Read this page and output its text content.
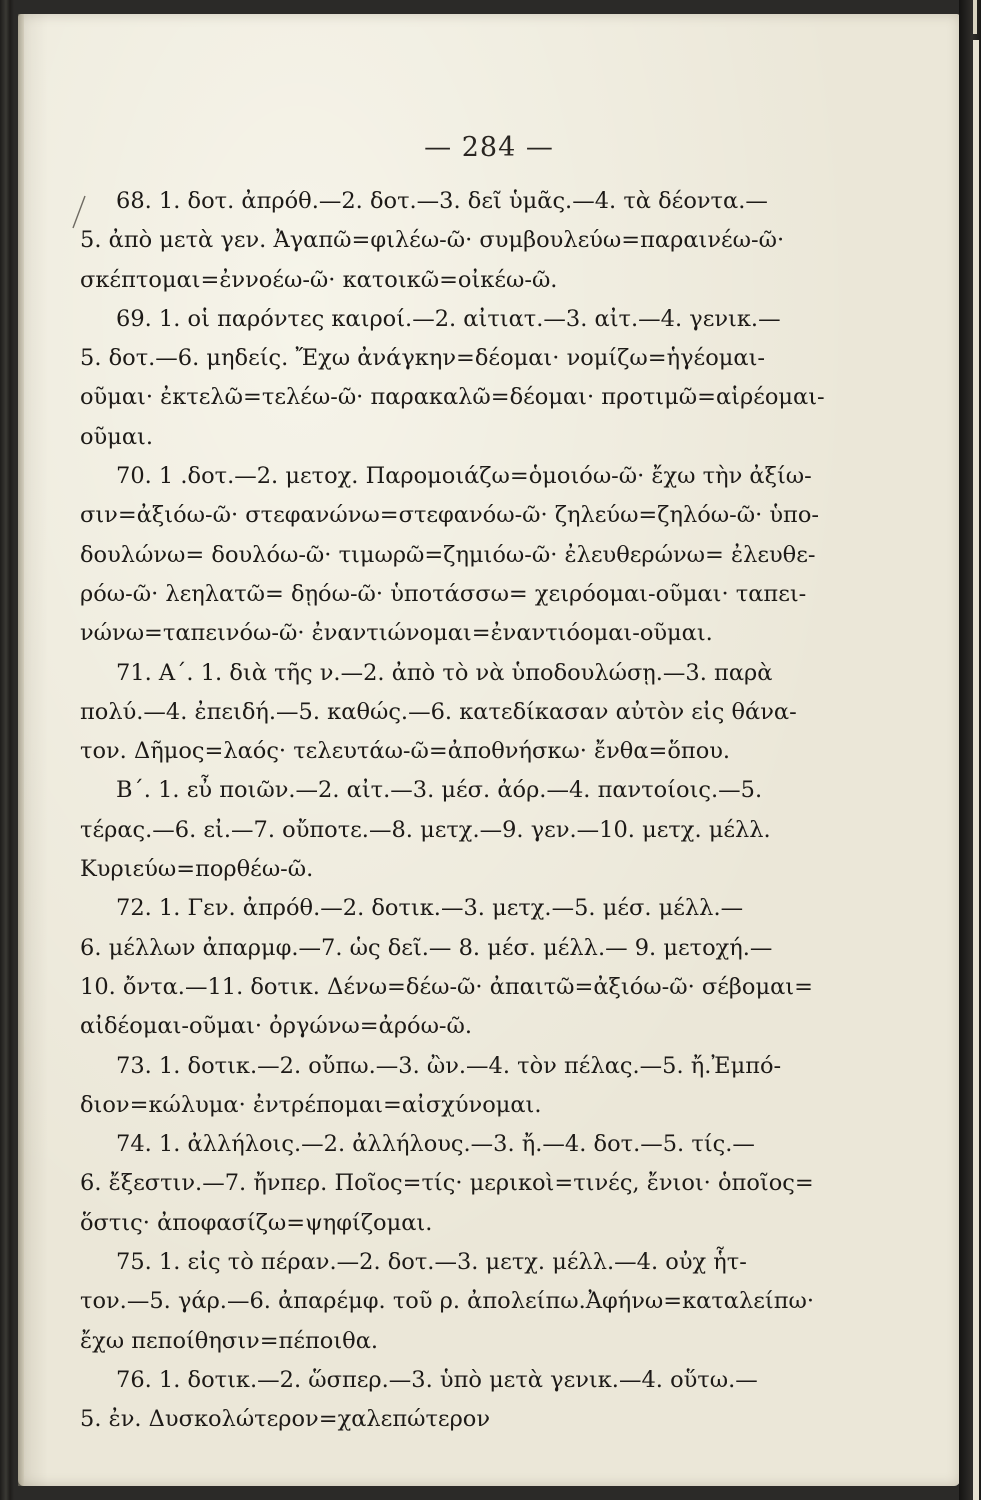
— 284 —

68. 1. δοτ. ἀπρόθ.—2. δοτ.—3. δεῖ ὑμᾶς.—4. τὰ δέοντα.—
5. ἀπὸ μετὰ γεν. Ἀγαπῶ=φιλέω-ῶ· συμβουλεύω=παραινέω-ῶ·
σκέπτομαι=ἐννοέω-ῶ· κατοικῶ=οἰκέω-ῶ.

69. 1. οἱ παρόντες καιροί.—2. αἰτιατ.—3. αἰτ.—4. γενικ.—
5. δοτ.—6. μηδείς. Ἔχω ἀνάγκην=δέομαι· νομίζω=ἡγέομαι-
οῦμαι· ἐκτελῶ=τελέω-ῶ· παρακαλῶ=δέομαι· προτιμῶ=αἱρέομαι-
οῦμαι.

70. 1 .δοτ.—2. μετοχ. Παρομοιάζω=ὁμοιόω-ῶ· ἔχω τὴν ἀξίω-
σιν=ἀξιόω-ῶ· στεφανώνω=στεφανόω-ῶ· ζηλεύω=ζηλόω-ῶ· ὑπο-
δουλώνω= δουλόω-ῶ· τιμωρῶ=ζημιόω-ῶ· ἐλευθερώνω= ἐλευθε-
ρόω-ῶ· λεηλατῶ= δῃόω-ῶ· ὑποτάσσω= χειρόομαι-οῦμαι· ταπει-
νώνω=ταπεινόω-ῶ· ἐναντιώνομαι=ἐναντιόομαι-οῦμαι.

71. Α΄. 1. διὰ τῆς ν.—2. ἀπὸ τὸ νὰ ὑποδουλώσῃ.—3. παρὰ
πολύ.—4. ἐπειδή.—5. καθώς.—6. κατεδίκασαν αὐτὸν εἰς θάνα-
τον. Δῆμος=λαός· τελευτάω-ῶ=ἀποθνήσκω· ἔνθα=ὅπου.

Β΄. 1. εὖ ποιῶν.—2. αἰτ.—3. μέσ. ἀόρ.—4. παντοίοις.—5.
τέρας.—6. εἰ.—7. οὔποτε.—8. μετχ.—9. γεν.—10. μετχ. μέλλ.
Κυριεύω=πορθέω-ῶ.

72. 1. Γεν. ἀπρόθ.—2. δοτικ.—3. μετχ.—5. μέσ. μέλλ.—
6. μέλλων ἀπαρμφ.—7. ὡς δεῖ.— 8. μέσ. μέλλ.— 9. μετοχή.—
10. ὄντα.—11. δοτικ. Δένω=δέω-ῶ· ἀπαιτῶ=ἀξιόω-ῶ· σέβομαι=
αἰδέομαι-οῦμαι· ὀργώνω=ἀρόω-ῶ.

73. 1. δοτικ.—2. οὔπω.—3. ὢν.—4. τὸν πέλας.—5. ἤ.Ἐμπό-
διον=κώλυμα· ἐντρέπομαι=αἰσχύνομαι.

74. 1. ἀλλήλοις.—2. ἀλλήλους.—3. ἤ.—4. δοτ.—5. τίς.—
6. ἔξεστιν.—7. ἤνπερ. Ποῖος=τίς· μερικοὶ=τινές, ἔνιοι· ὁποῖος=
ὅστις· ἀποφασίζω=ψηφίζομαι.

75. 1. εἰς τὸ πέραν.—2. δοτ.—3. μετχ. μέλλ.—4. οὐχ ἧτ-
τον.—5. γάρ.—6. ἀπαρέμφ. τοῦ ρ. ἀπολείπω.Ἀφήνω=καταλείπω·
ἔχω πεποίθησιν=πέποιθα.

76. 1. δοτικ.—2. ὥσπερ.—3. ὑπὸ μετὰ γενικ.—4. οὕτω.—
5. ἐν. Δυσκολώτερον=χαλεπώτερον
